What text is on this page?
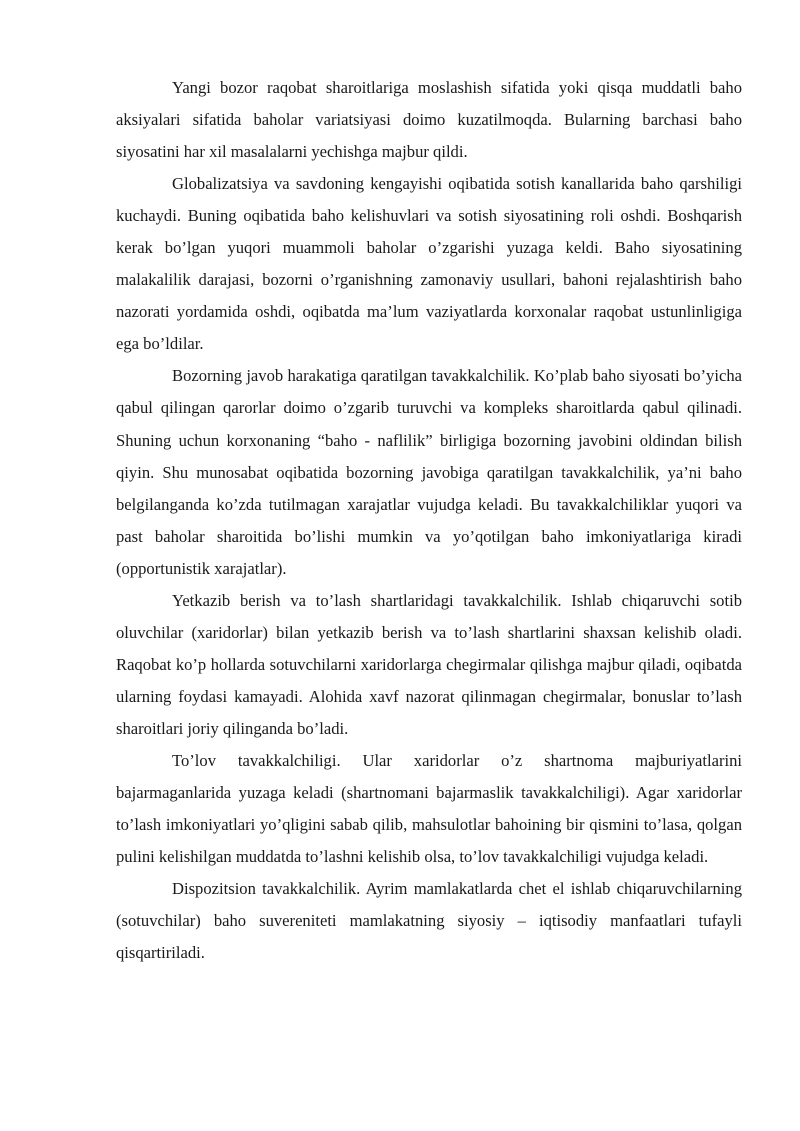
Yangi bozor raqobat sharoitlariga moslashish sifatida yoki qisqa muddatli baho aksiyalari sifatida baholar variatsiyasi doimo kuzatilmoqda. Bularning barchasi baho siyosatini har xil masalalarni yechishga majbur qildi.

Globalizatsiya va savdoning kengayishi oqibatida sotish kanallarida baho qarshiligi kuchaydi. Buning oqibatida baho kelishuvlari va sotish siyosatining roli oshdi. Boshqarish kerak bo’lgan yuqori muammoli baholar o’zgarishi yuzaga keldi. Baho siyosatining malakalilik darajasi, bozorni o’rganishning zamonaviy usullari, bahoni rejalashtirish baho nazorati yordamida oshdi, oqibatda ma’lum vaziyatlarda korxonalar raqobat ustunlinligiga ega bo’ldilar.

Bozorning javob harakatiga qaratilgan tavakkalchilik. Ko’plab baho siyosati bo’yicha qabul qilingan qarorlar doimo o’zgarib turuvchi va kompleks sharoitlarda qabul qilinadi. Shuning uchun korxonaning “baho - naflilik” birligiga bozorning javobini oldindan bilish qiyin. Shu munosabat oqibatida bozorning javobiga qaratilgan tavakkalchilik, ya’ni baho belgilanganda ko’zda tutilmagan xarajatlar vujudga keladi. Bu tavakkalchiliklar yuqori va past baholar sharoitida bo’lishi mumkin va yo’qotilgan baho imkoniyatlariga kiradi (opportunistik xarajatlar).

Yetkazib berish va to’lash shartlaridagi tavakkalchilik. Ishlab chiqaruvchi sotib oluvchilar (xaridorlar) bilan yetkazib berish va to’lash shartlarini shaxsan kelishib oladi. Raqobat ko’p hollarda sotuvchilarni xaridorlarga chegirmalar qilishga majbur qiladi, oqibatda ularning foydasi kamayadi. Alohida xavf nazorat qilinmagan chegirmalar, bonuslar to’lash sharoitlari joriy qilinganda bo’ladi.

To’lov tavakkalchiligi. Ular xaridorlar o’z shartnoma majburiyatlarini bajarmaganlarida yuzaga keladi (shartnomani bajarmaslik tavakkalchiligi). Agar xaridorlar to’lash imkoniyatlari yo’qligini sabab qilib, mahsulotlar bahoining bir qismini to’lasa, qolgan pulini kelishilgan muddatda to’lashni kelishib olsa, to’lov tavakkalchiligi vujudga keladi.

Dispozitsion tavakkalchilik. Ayrim mamlakatlarda chet el ishlab chiqaruvchilarning (sotuvchilar) baho suvereniteti mamlakatning siyosiy – iqtisodiy manfaatlari tufayli qisqartiriladi.
